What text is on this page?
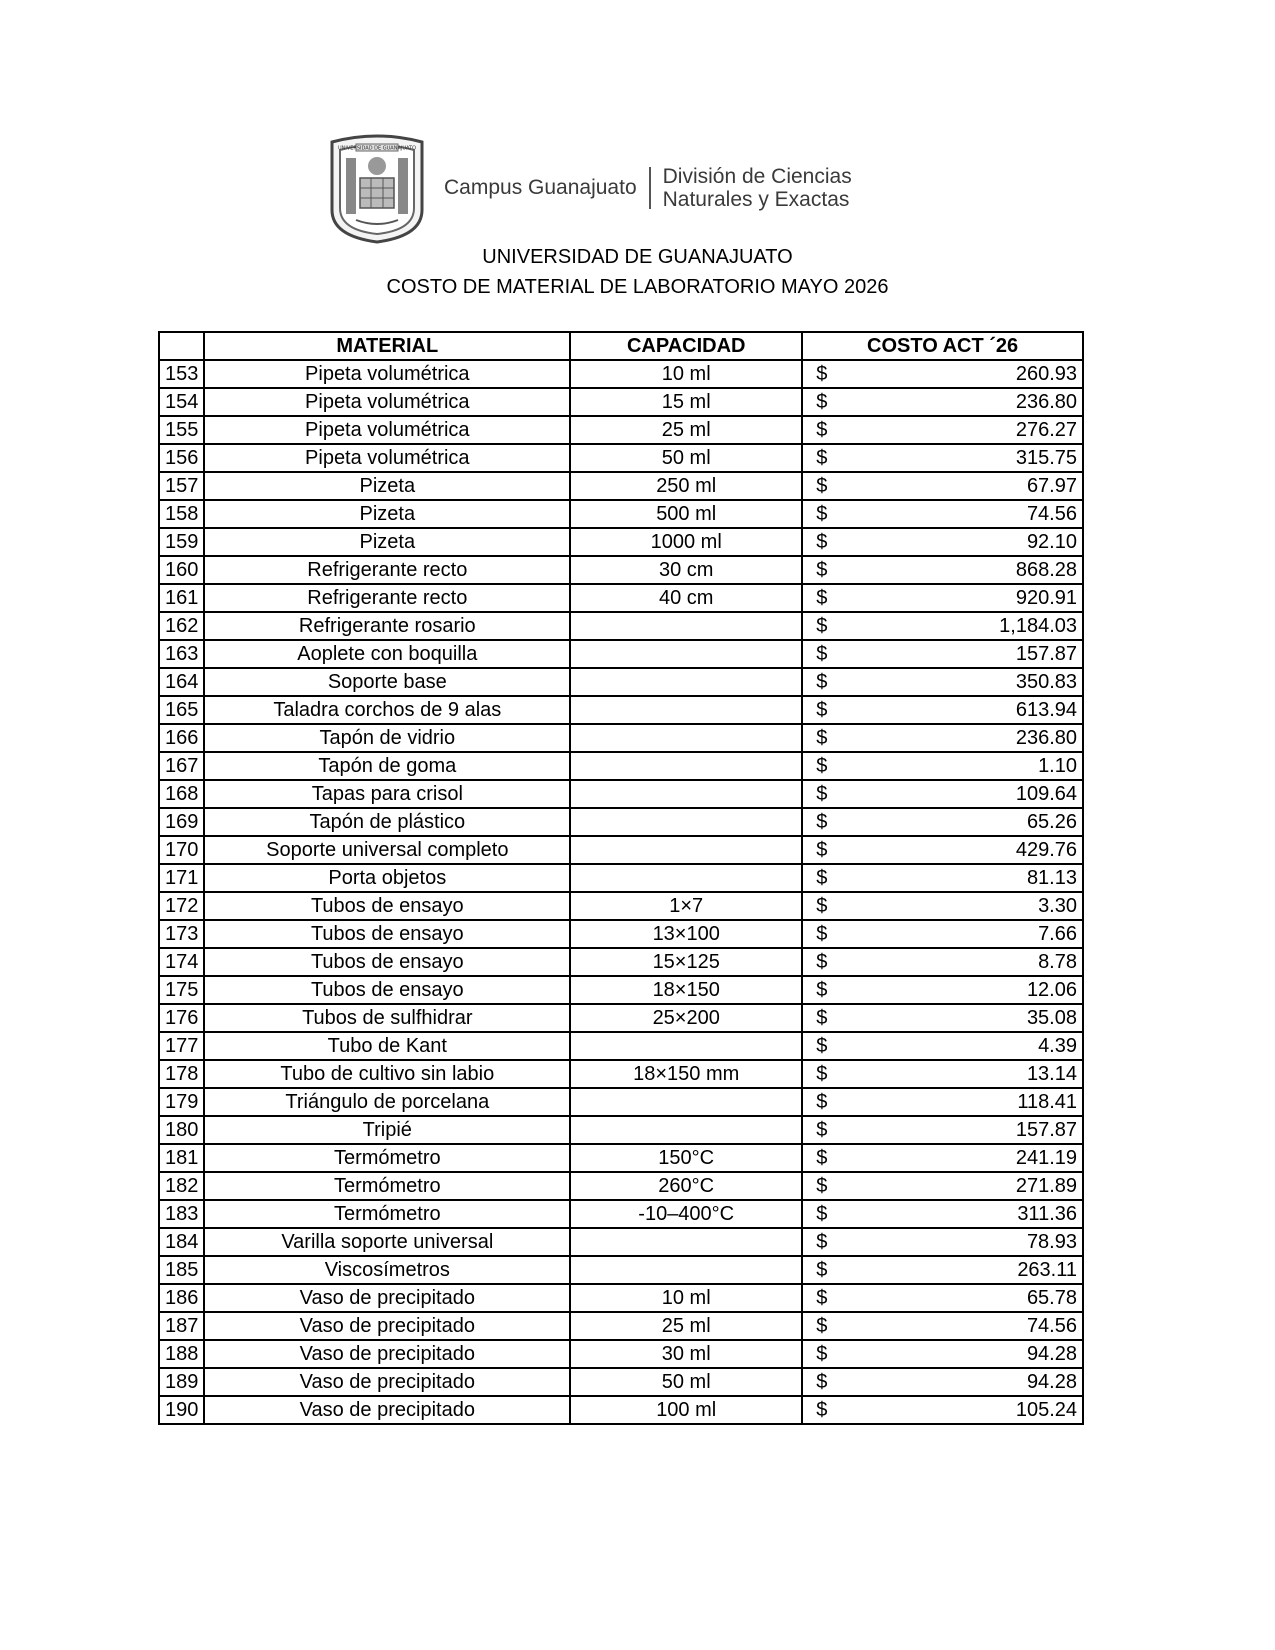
UNIVERSIDAD DE GUANAJUATO
Campus Guanajuato División de Ciencias
Naturales y Exactas
UNIVERSIDAD DE GUANAJUATO
COSTO DE MATERIAL DE LABORATORIO MAYO 2026
	MATERIAL	CAPACIDAD	COSTO ACT ´26
153	Pipeta volumétrica	10 ml	$ 260.93

154	Pipeta volumétrica	15 ml	$ 236.80

155	Pipeta volumétrica	25 ml	$ 276.27

156	Pipeta volumétrica	50 ml	$ 315.75

157	Pizeta	250 ml	$ 67.97

158	Pizeta	500 ml	$ 74.56

159	Pizeta	1000 ml	$ 92.10

160	Refrigerante recto	30 cm	$ 868.28

161	Refrigerante recto	40 cm	$ 920.91

162	Refrigerante rosario		$ 1,184.03

163	Aoplete con boquilla		$ 157.87

164	Soporte base		$ 350.83

165	Taladra corchos de 9 alas		$ 613.94

166	Tapón de vidrio		$ 236.80

167	Tapón de goma		$ 1.10

168	Tapas para crisol		$ 109.64

169	Tapón de plástico		$ 65.26

170	Soporte universal completo		$ 429.76

171	Porta objetos		$ 81.13

172	Tubos de ensayo	1×7	$ 3.30

173	Tubos de ensayo	13×100	$ 7.66

174	Tubos de ensayo	15×125	$ 8.78

175	Tubos de ensayo	18×150	$ 12.06

176	Tubos de sulfhidrar	25×200	$ 35.08

177	Tubo de Kant		$ 4.39

178	Tubo de cultivo sin labio	18×150 mm	$ 13.14

179	Triángulo de porcelana		$ 118.41

180	Tripié		$ 157.87

181	Termómetro	150°C	$ 241.19

182	Termómetro	260°C	$ 271.89

183	Termómetro	-10–400°C	$ 311.36

184	Varilla soporte universal		$ 78.93

185	Viscosímetros		$ 263.11

186	Vaso de precipitado	10 ml	$ 65.78

187	Vaso de precipitado	25 ml	$ 74.56

188	Vaso de precipitado	30 ml	$ 94.28

189	Vaso de precipitado	50 ml	$ 94.28

190	Vaso de precipitado	100 ml	$ 105.24
